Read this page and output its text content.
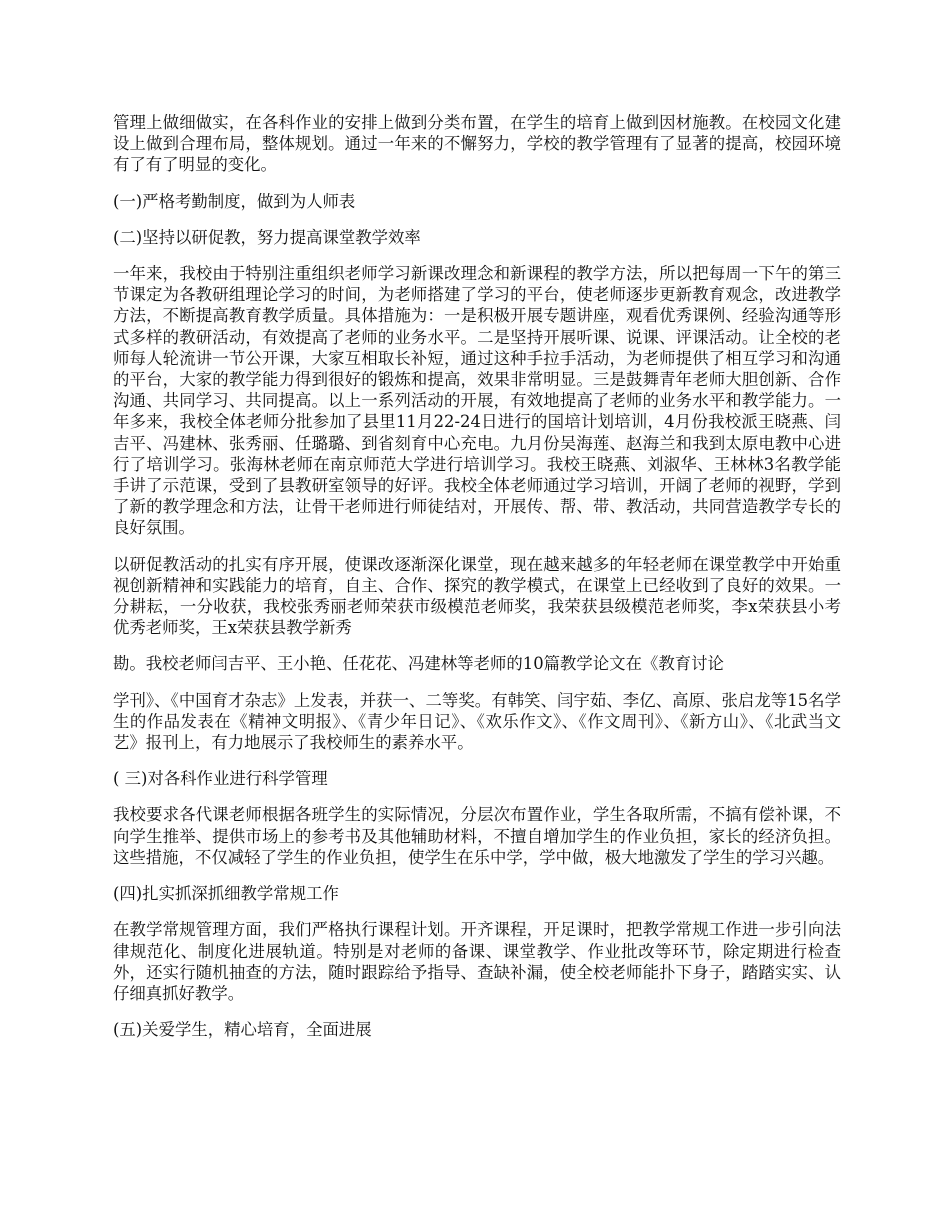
管理上做细做实，在各科作业的安排上做到分类布置，在学生的培育上做到因材施教。在校园文化建设上做到合理布局，整体规划。通过一年来的不懈努力，学校的教学管理有了显著的提高，校园环境有了有了明显的变化。

(一)严格考勤制度，做到为人师表

(二)坚持以研促教，努力提高课堂教学效率

一年来，我校由于特别注重组织老师学习新课改理念和新课程的教学方法，所以把每周一下午的第三节课定为各教研组理论学习的时间，为老师搭建了学习的平台，使老师逐步更新教育观念，改进教学方法，不断提高教育教学质量。具体措施为：一是积极开展专题讲座，观看优秀课例、经验沟通等形式多样的教研活动，有效提高了老师的业务水平。二是坚持开展听课、说课、评课活动。让全校的老师每人轮流讲一节公开课，大家互相取长补短，通过这种手拉手活动，为老师提供了相互学习和沟通的平台，大家的教学能力得到很好的锻炼和提高，效果非常明显。三是鼓舞青年老师大胆创新、合作沟通、共同学习、共同提高。以上一系列活动的开展，有效地提高了老师的业务水平和教学能力。一年多来，我校全体老师分批参加了县里11月22-24日进行的国培计划培训，4月份我校派王晓燕、闫吉平、冯建林、张秀丽、任璐璐、到省刻育中心充电。九月份吴海莲、赵海兰和我到太原电教中心进行了培训学习。张海林老师在南京师范大学进行培训学习。我校王晓燕、刘淑华、王林林3名教学能手讲了示范课，受到了县教研室领导的好评。我校全体老师通过学习培训，开阔了老师的视野，学到了新的教学理念和方法，让骨干老师进行师徒结对，开展传、帮、带、教活动，共同营造教学专长的良好氛围。

以研促教活动的扎实有序开展，使课改逐渐深化课堂，现在越来越多的年轻老师在课堂教学中开始重视创新精神和实践能力的培育，自主、合作、探究的教学模式，在课堂上已经收到了良好的效果。一分耕耘，一分收获，我校张秀丽老师荣获市级模范老师奖，我荣获县级模范老师奖，李x荣获县小考优秀老师奖，王x荣获县教学新秀

勘。我校老师闫吉平、王小艳、任花花、冯建林等老师的10篇教学论文在《教育讨论

学刊》、《中国育才杂志》上发表，并获一、二等奖。有韩笑、闫宇茹、李亿、高原、张启龙等15名学生的作品发表在《精神文明报》、《青少年日记》、《欢乐作文》、《作文周刊》、《新方山》、《北武当文艺》报刊上，有力地展示了我校师生的素养水平。

( 三)对各科作业进行科学管理

我校要求各代课老师根据各班学生的实际情况，分层次布置作业，学生各取所需，不搞有偿补课，不向学生推举、提供市场上的参考书及其他辅助材料，不擅自增加学生的作业负担，家长的经济负担。这些措施，不仅减轻了学生的作业负担，使学生在乐中学，学中做，极大地激发了学生的学习兴趣。

(四)扎实抓深抓细教学常规工作

在教学常规管理方面，我们严格执行课程计划。开齐课程，开足课时，把教学常规工作进一步引向法律规范化、制度化进展轨道。特别是对老师的备课、课堂教学、作业批改等环节，除定期进行检查外，还实行随机抽查的方法，随时跟踪给予指导、查缺补漏，使全校老师能扑下身子，踏踏实实、认仔细真抓好教学。

(五)关爱学生，精心培育，全面进展
